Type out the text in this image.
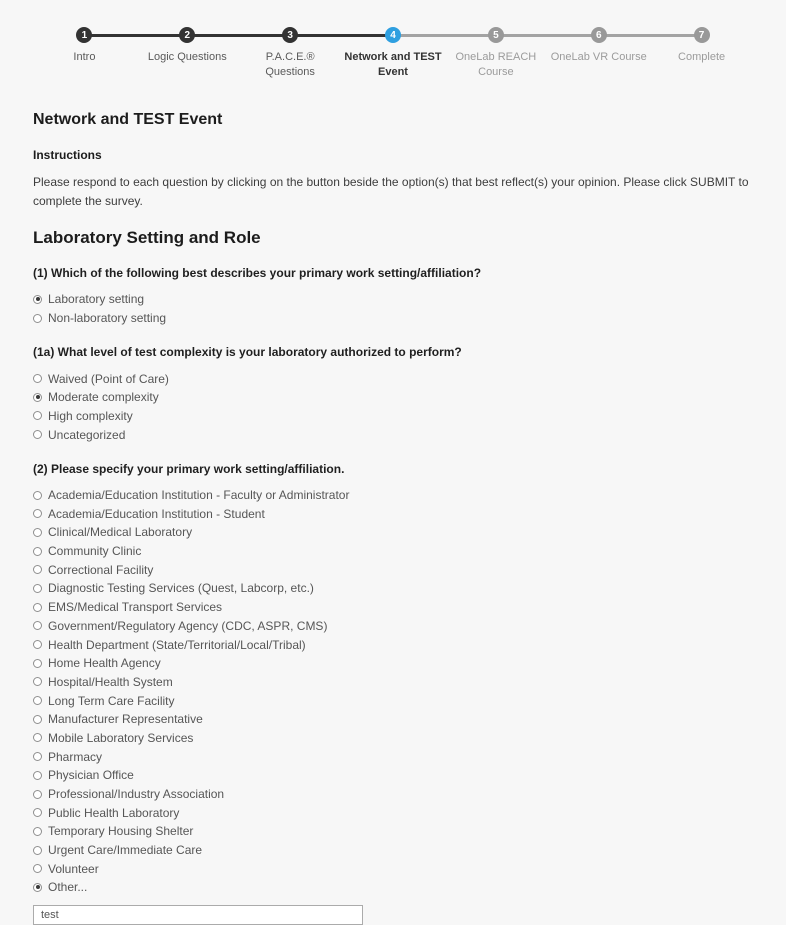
1
Intro
2
Logic Questions
3
P.A.C.E.® Questions
4
Network and TEST Event
5
OneLab REACH Course
6
OneLab VR Course
7
Complete
Network and TEST Event
Instructions

Please respond to each question by clicking on the button beside the option(s) that best reflect(s) your opinion. Please click SUBMIT to complete the survey.

Laboratory Setting and Role
(1) Which of the following best describes your primary work setting/affiliation?
Laboratory setting
Non-laboratory setting
(1a) What level of test complexity is your laboratory authorized to perform?
Waived (Point of Care)
Moderate complexity
High complexity
Uncategorized
(2) Please specify your primary work setting/affiliation.
Academia/Education Institution - Faculty or Administrator
Academia/Education Institution - Student
Clinical/Medical Laboratory
Community Clinic
Correctional Facility
Diagnostic Testing Services (Quest, Labcorp, etc.)
EMS/Medical Transport Services
Government/Regulatory Agency (CDC, ASPR, CMS)
Health Department (State/Territorial/Local/Tribal)
Home Health Agency
Hospital/Health System
Long Term Care Facility
Manufacturer Representative
Mobile Laboratory Services
Pharmacy
Physician Office
Professional/Industry Association
Public Health Laboratory
Temporary Housing Shelter
Urgent Care/Immediate Care
Volunteer
Other...
test
